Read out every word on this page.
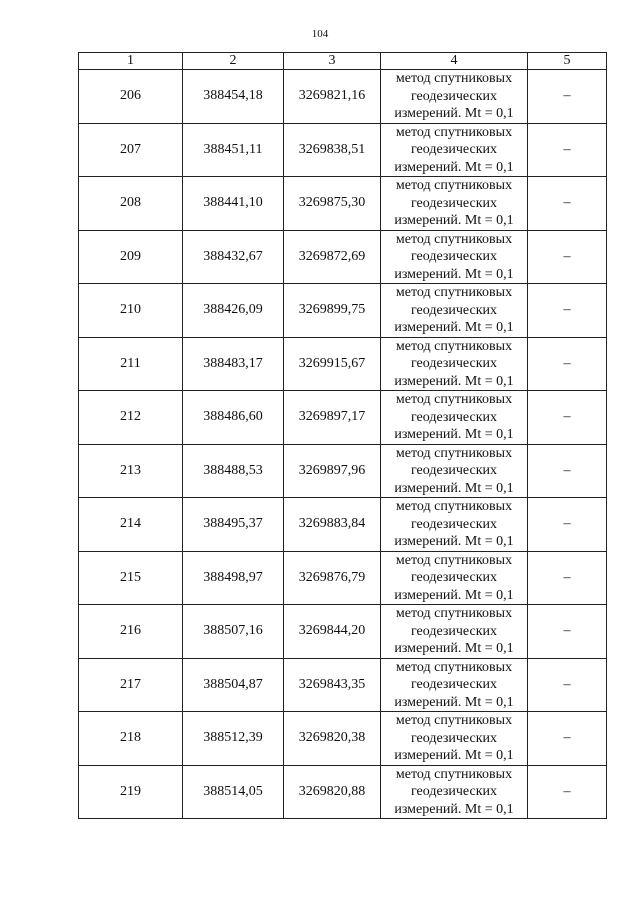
104
1	2	3	4	5
206	388454,18	3269821,16	метод спутниковых
геодезических
измерений. Mt = 0,1	–
207	388451,11	3269838,51	метод спутниковых
геодезических
измерений. Mt = 0,1	–
208	388441,10	3269875,30	метод спутниковых
геодезических
измерений. Mt = 0,1	–
209	388432,67	3269872,69	метод спутниковых
геодезических
измерений. Mt = 0,1	–
210	388426,09	3269899,75	метод спутниковых
геодезических
измерений. Mt = 0,1	–
211	388483,17	3269915,67	метод спутниковых
геодезических
измерений. Mt = 0,1	–
212	388486,60	3269897,17	метод спутниковых
геодезических
измерений. Mt = 0,1	–
213	388488,53	3269897,96	метод спутниковых
геодезических
измерений. Mt = 0,1	–
214	388495,37	3269883,84	метод спутниковых
геодезических
измерений. Mt = 0,1	–
215	388498,97	3269876,79	метод спутниковых
геодезических
измерений. Mt = 0,1	–
216	388507,16	3269844,20	метод спутниковых
геодезических
измерений. Mt = 0,1	–
217	388504,87	3269843,35	метод спутниковых
геодезических
измерений. Mt = 0,1	–
218	388512,39	3269820,38	метод спутниковых
геодезических
измерений. Mt = 0,1	–
219	388514,05	3269820,88	метод спутниковых
геодезических
измерений. Mt = 0,1	–
